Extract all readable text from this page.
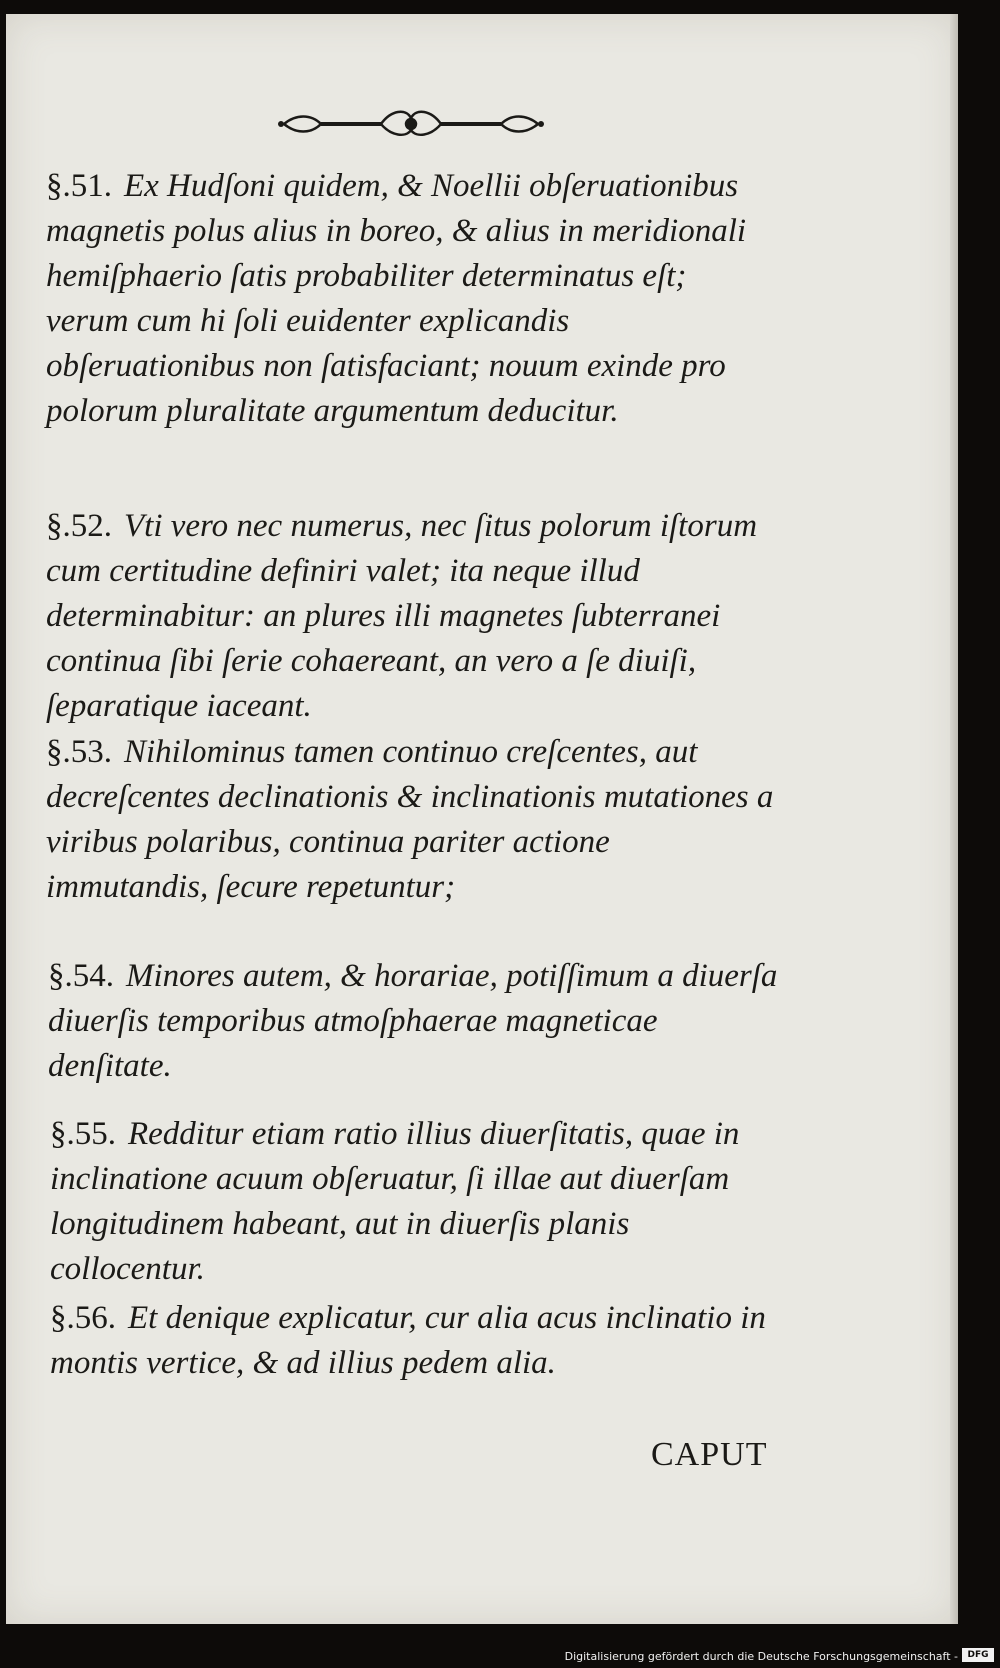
§.51. Ex Hudſoni quidem, & Noellii obſeruationibus magnetis polus alius in boreo, & alius in meridionali hemiſphaerio ſatis probabiliter determinatus eſt; verum cum hi ſoli euidenter explicandis obſeruationibus non ſatisfaciant; nouum exinde pro polorum pluralitate argumentum deducitur.
§.52. Vti vero nec numerus, nec ſitus polorum iſtorum cum certitudine definiri valet; ita neque illud determinabitur: an plures illi magnetes ſubterranei continua ſibi ſerie cohaereant, an vero a ſe diuiſi, ſeparatique iaceant.
§.53. Nihilominus tamen continuo creſcentes, aut decreſcentes declinationis & inclinationis mutationes a viribus polaribus, continua pariter actione immutandis, ſecure repetuntur;
§.54. Minores autem, & horariae, potiſſimum a diuerſa diuerſis temporibus atmoſphaerae magneticae denſitate.
§.55. Redditur etiam ratio illius diuerſitatis, quae in inclinatione acuum obſeruatur, ſi illae aut diuerſam longitudinem habeant, aut in diuerſis planis collocentur.
§.56. Et denique explicatur, cur alia acus inclinatio in montis vertice, & ad illius pedem alia.
CAPUT
Digitalisierung gefördert durch die Deutsche Forschungsgemeinschaft -	DFG
